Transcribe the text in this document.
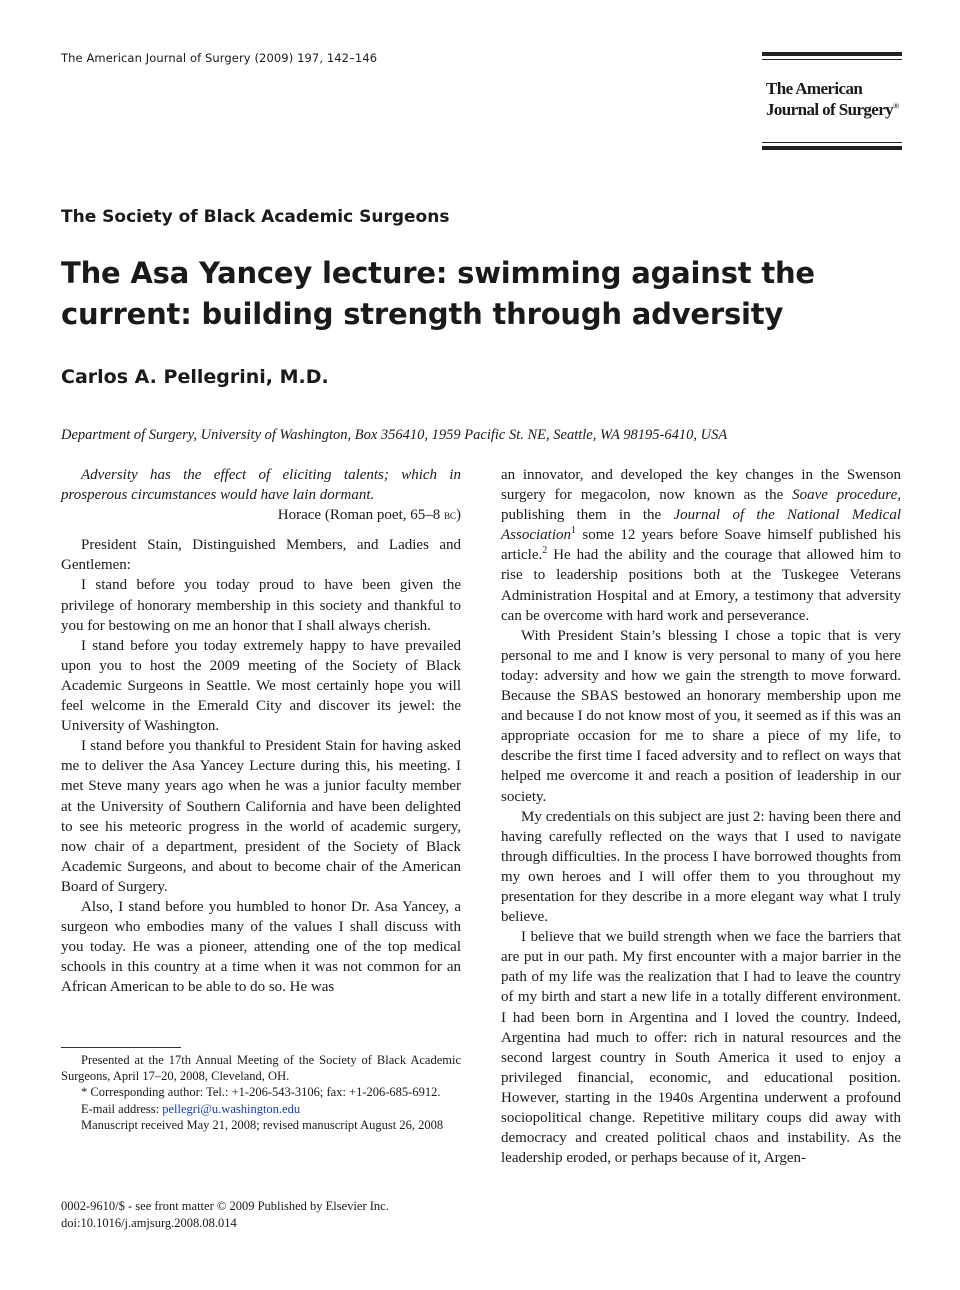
The American Journal of Surgery (2009) 197, 142–146
The American
Journal of Surgery®
The Society of Black Academic Surgeons
The Asa Yancey lecture: swimming against the current: building strength through adversity
Carlos A. Pellegrini, M.D.
Department of Surgery, University of Washington, Box 356410, 1959 Pacific St. NE, Seattle, WA 98195-6410, USA
Adversity has the effect of eliciting talents; which in prosperous circumstances would have lain dormant.
Horace (Roman poet, 65–8 bc)

President Stain, Distinguished Members, and Ladies and Gentlemen:

I stand before you today proud to have been given the privilege of honorary membership in this society and thankful to you for bestowing on me an honor that I shall always cherish.

I stand before you today extremely happy to have prevailed upon you to host the 2009 meeting of the Society of Black Academic Surgeons in Seattle. We most certainly hope you will feel welcome in the Emerald City and discover its jewel: the University of Washington.

I stand before you thankful to President Stain for having asked me to deliver the Asa Yancey Lecture during this, his meeting. I met Steve many years ago when he was a junior faculty member at the University of Southern California and have been delighted to see his meteoric progress in the world of academic surgery, now chair of a department, president of the Society of Black Academic Surgeons, and about to become chair of the American Board of Surgery.

Also, I stand before you humbled to honor Dr. Asa Yancey, a surgeon who embodies many of the values I shall discuss with you today. He was a pioneer, attending one of the top medical schools in this country at a time when it was not common for an African American to be able to do so. He was

an innovator, and developed the key changes in the Swenson surgery for megacolon, now known as the Soave procedure, publishing them in the Journal of the National Medical Association$^1$ some 12 years before Soave himself published his article.$^2$ He had the ability and the courage that allowed him to rise to leadership positions both at the Tuskegee Veterans Administration Hospital and at Emory, a testimony that adversity can be overcome with hard work and perseverance.

With President Stain’s blessing I chose a topic that is very personal to me and I know is very personal to many of you here today: adversity and how we gain the strength to move forward. Because the SBAS bestowed an honorary membership upon me and because I do not know most of you, it seemed as if this was an appropriate occasion for me to share a piece of my life, to describe the first time I faced adversity and to reflect on ways that helped me overcome it and reach a position of leadership in our society.

My credentials on this subject are just 2: having been there and having carefully reflected on the ways that I used to navigate through difficulties. In the process I have borrowed thoughts from my own heroes and I will offer them to you throughout my presentation for they describe in a more elegant way what I truly believe.

I believe that we build strength when we face the barriers that are put in our path. My first encounter with a major barrier in the path of my life was the realization that I had to leave the country of my birth and start a new life in a totally different environment. I had been born in Argentina and I loved the country. Indeed, Argentina had much to offer: rich in natural resources and the second largest country in South America it used to enjoy a privileged financial, economic, and educational position. However, starting in the 1940s Argentina underwent a profound sociopolitical change. Repetitive military coups did away with democracy and created political chaos and instability. As the leadership eroded, or perhaps because of it, Argen-

Presented at the 17th Annual Meeting of the Society of Black Academic Surgeons, April 17–20, 2008, Cleveland, OH.

* Corresponding author: Tel.: +1-206-543-3106; fax: +1-206-685-6912.

E-mail address: pellegri@u.washington.edu

Manuscript received May 21, 2008; revised manuscript August 26, 2008

0002-9610/$ - see front matter © 2009 Published by Elsevier Inc.
doi:10.1016/j.amjsurg.2008.08.014
